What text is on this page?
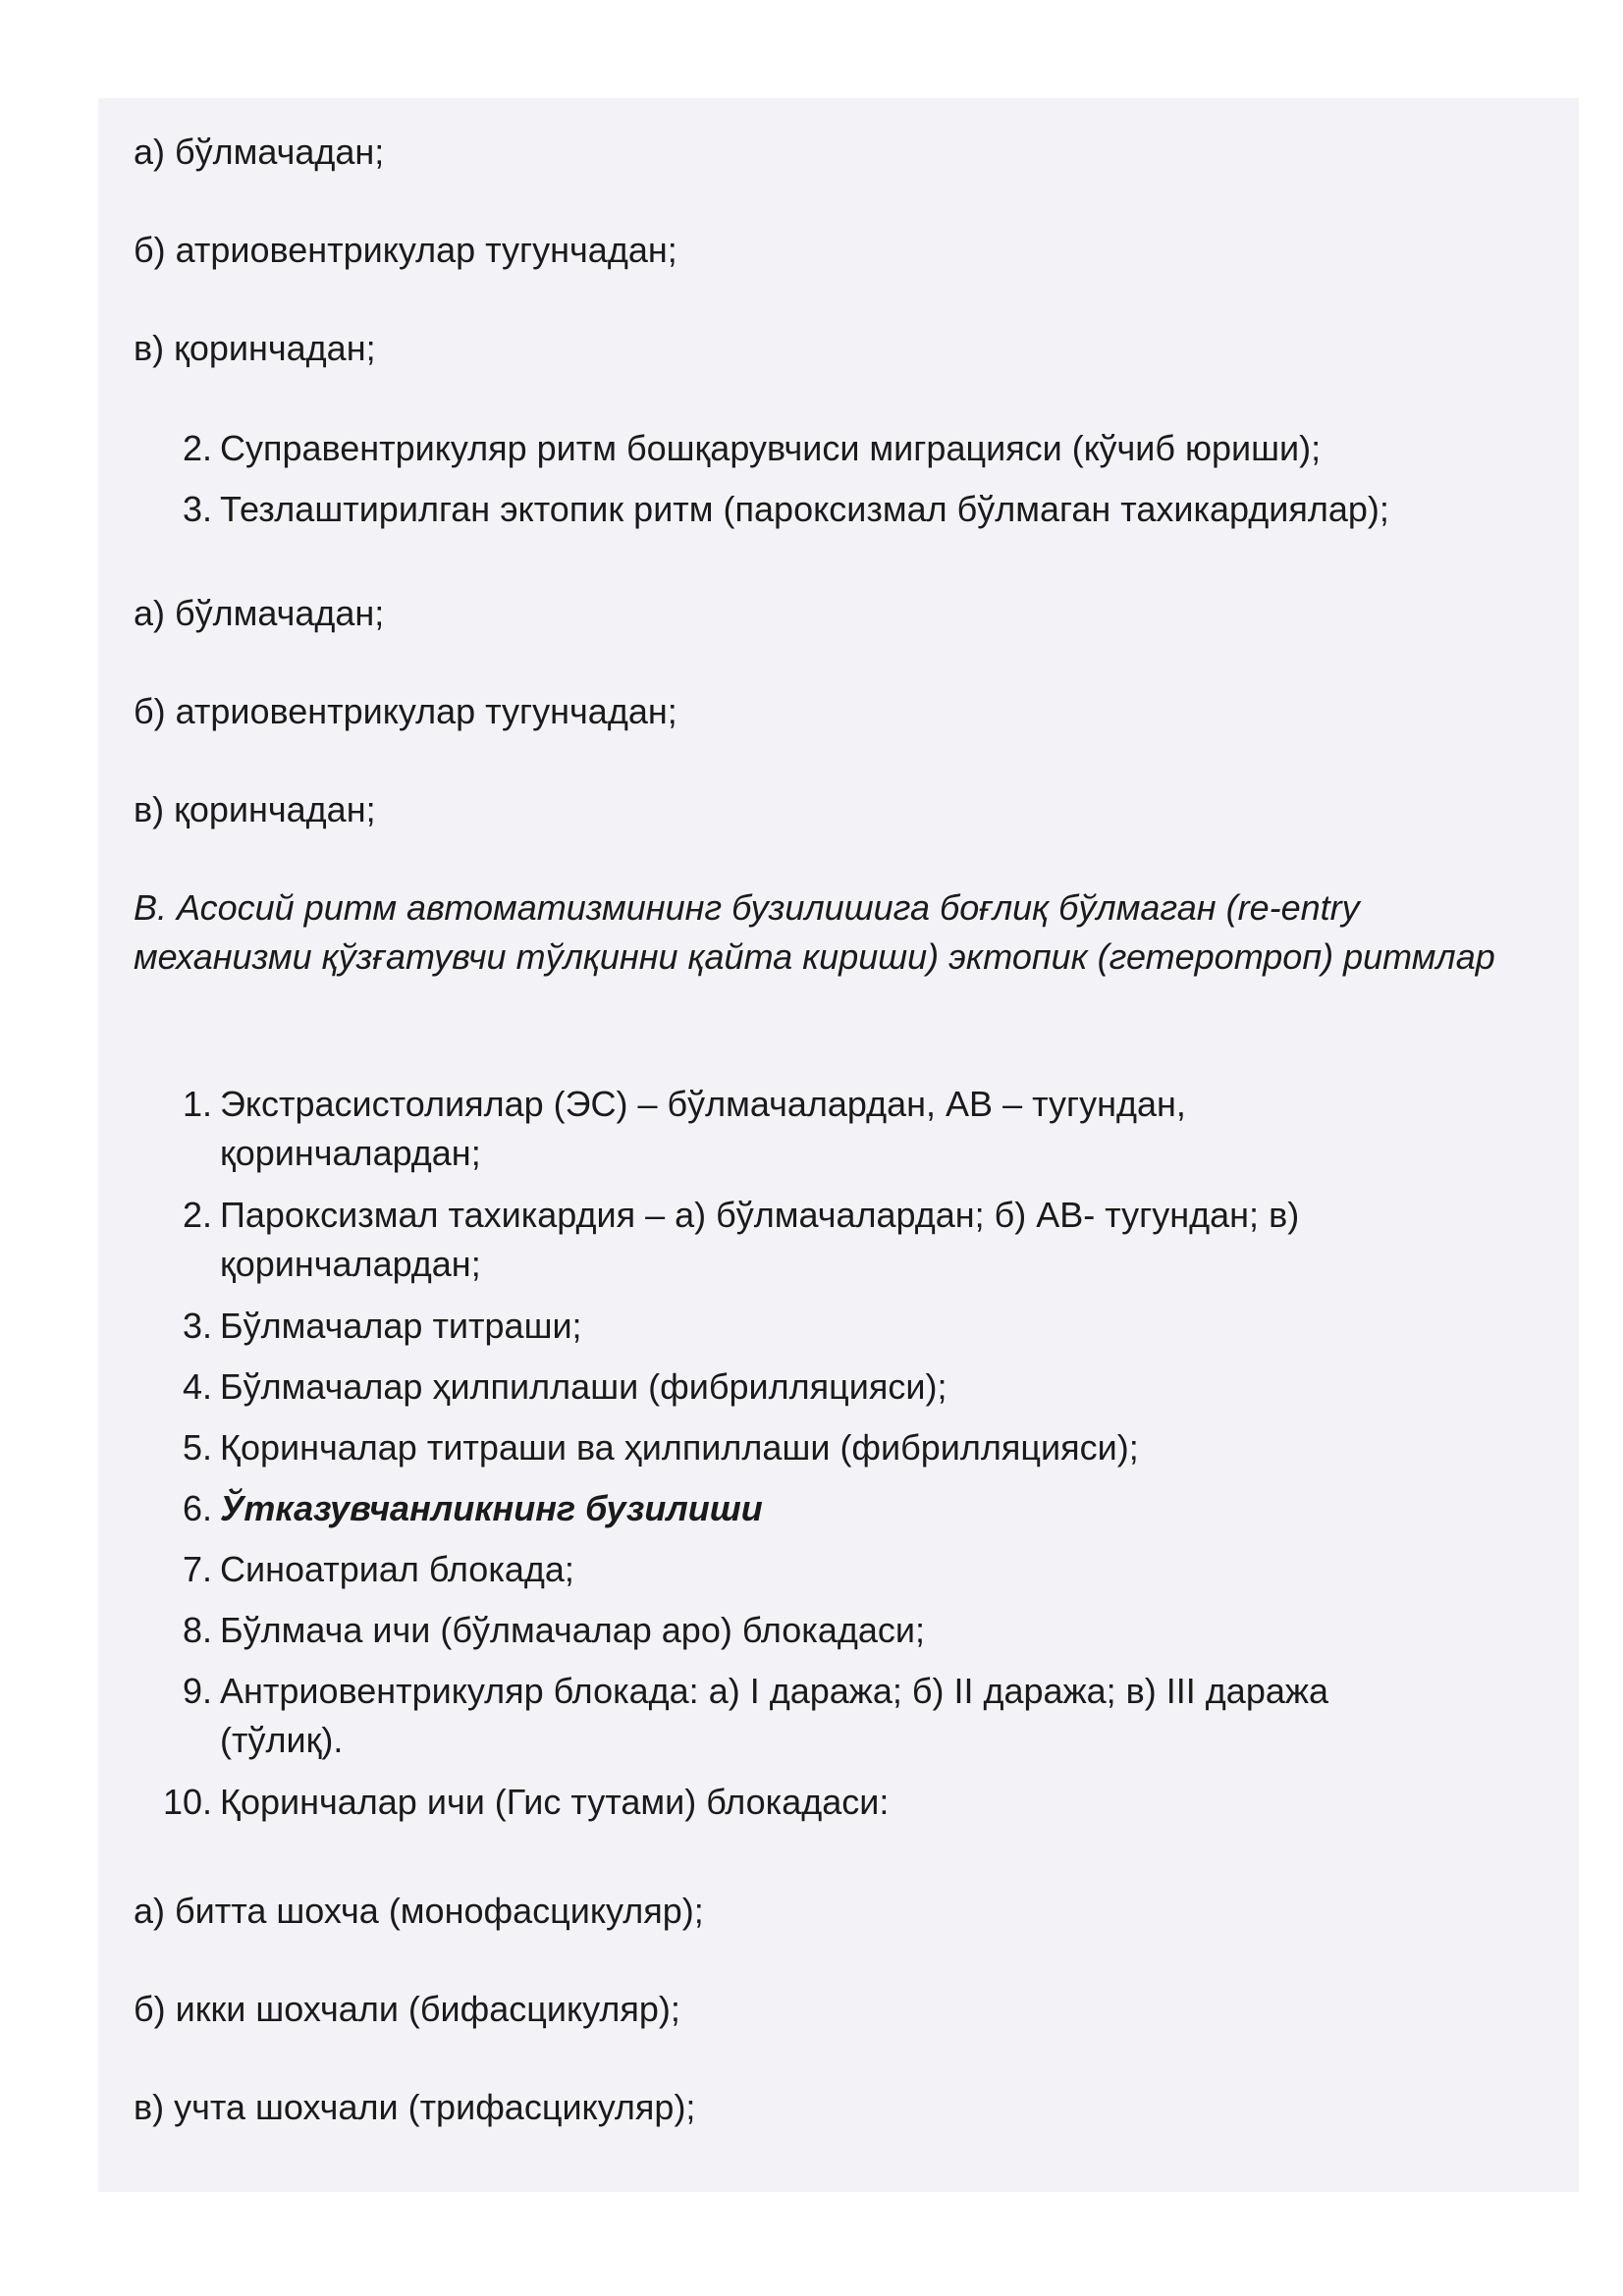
а) бўлмачадан;

б) атриовентрикулар тугунчадан;

в) қоринчадан;

2. Суправентрикуляр ритм бошқарувчиси миграцияси (кўчиб юриши);
3. Тезлаштирилган эктопик ритм (пароксизмал бўлмаган тахикардиялар);

а) бўлмачадан;

б) атриовентрикулар тугунчадан;

в) қоринчадан;

В. Асосий ритм автоматизмининг бузилишига боғлиқ бўлмаган (re-entry механизми қўзғатувчи тўлқинни қайта кириши) эктопик (гетеротроп) ритмлар

1. Экстрасистолиялар (ЭС) – бўлмачалардан, АВ – тугундан, қоринчалардан;
2. Пароксизмал тахикардия – а) бўлмачалардан; б) АВ- тугундан; в) қоринчалардан;
3. Бўлмачалар титраши;
4. Бўлмачалар ҳилпиллаши (фибрилляцияси);
5. Қоринчалар титраши ва ҳилпиллаши (фибрилляцияси);
6. Ўтказувчанликнинг бузилиши
7. Синоатриал блокада;
8. Бўлмача ичи (бўлмачалар аро) блокадаси;
9. Антриовентрикуляр блокада: а) I даража; б) II даража; в) III даража (тўлиқ).
10. Қоринчалар ичи (Гис тутами) блокадаси:

а) битта шохча (монофасцикуляр);

б) икки шохчали (бифасцикуляр);

в) учта шохчали (трифасцикуляр);
